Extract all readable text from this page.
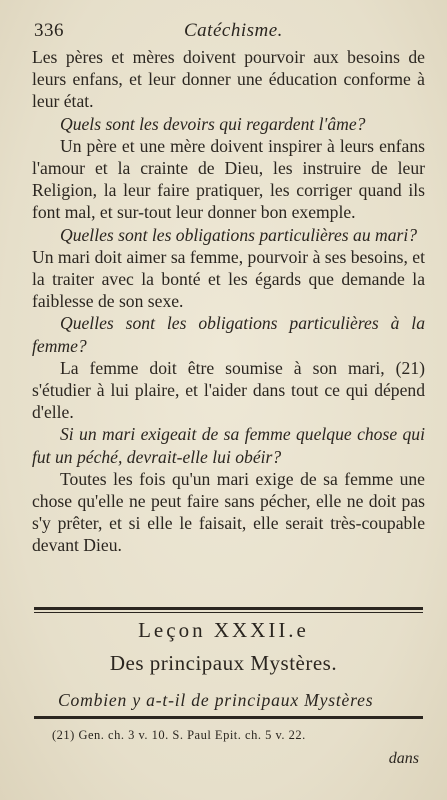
336	Catéchisme.

Les pères et mères doivent pourvoir aux besoins de leurs enfans, et leur donner une éducation conforme à leur état.

Quels sont les devoirs qui regardent l'âme?

Un père et une mère doivent inspirer à leurs enfans l'amour et la crainte de Dieu, les instruire de leur Religion, la leur faire pratiquer, les corriger quand ils font mal, et sur-tout leur donner bon exemple.

Quelles sont les obligations particulières au mari?

Un mari doit aimer sa femme, pourvoir à ses besoins, et la traiter avec la bonté et les égards que demande la faiblesse de son sexe.

Quelles sont les obligations particulières à la femme?

La femme doit être soumise à son mari, (21) s'étudier à lui plaire, et l'aider dans tout ce qui dépend d'elle.

Si un mari exigeait de sa femme quelque chose qui fut un péché, devrait-elle lui obéir?

Toutes les fois qu'un mari exige de sa femme une chose qu'elle ne peut faire sans pécher, elle ne doit pas s'y prêter, et si elle le faisait, elle serait très-coupable devant Dieu.

Leçon XXXII.e
Des principaux Mystères.
Combien y a-t-il de principaux Mystères
(21) Gen. ch. 3 v. 10. S. Paul Epit. ch. 5 v. 22.
dans
